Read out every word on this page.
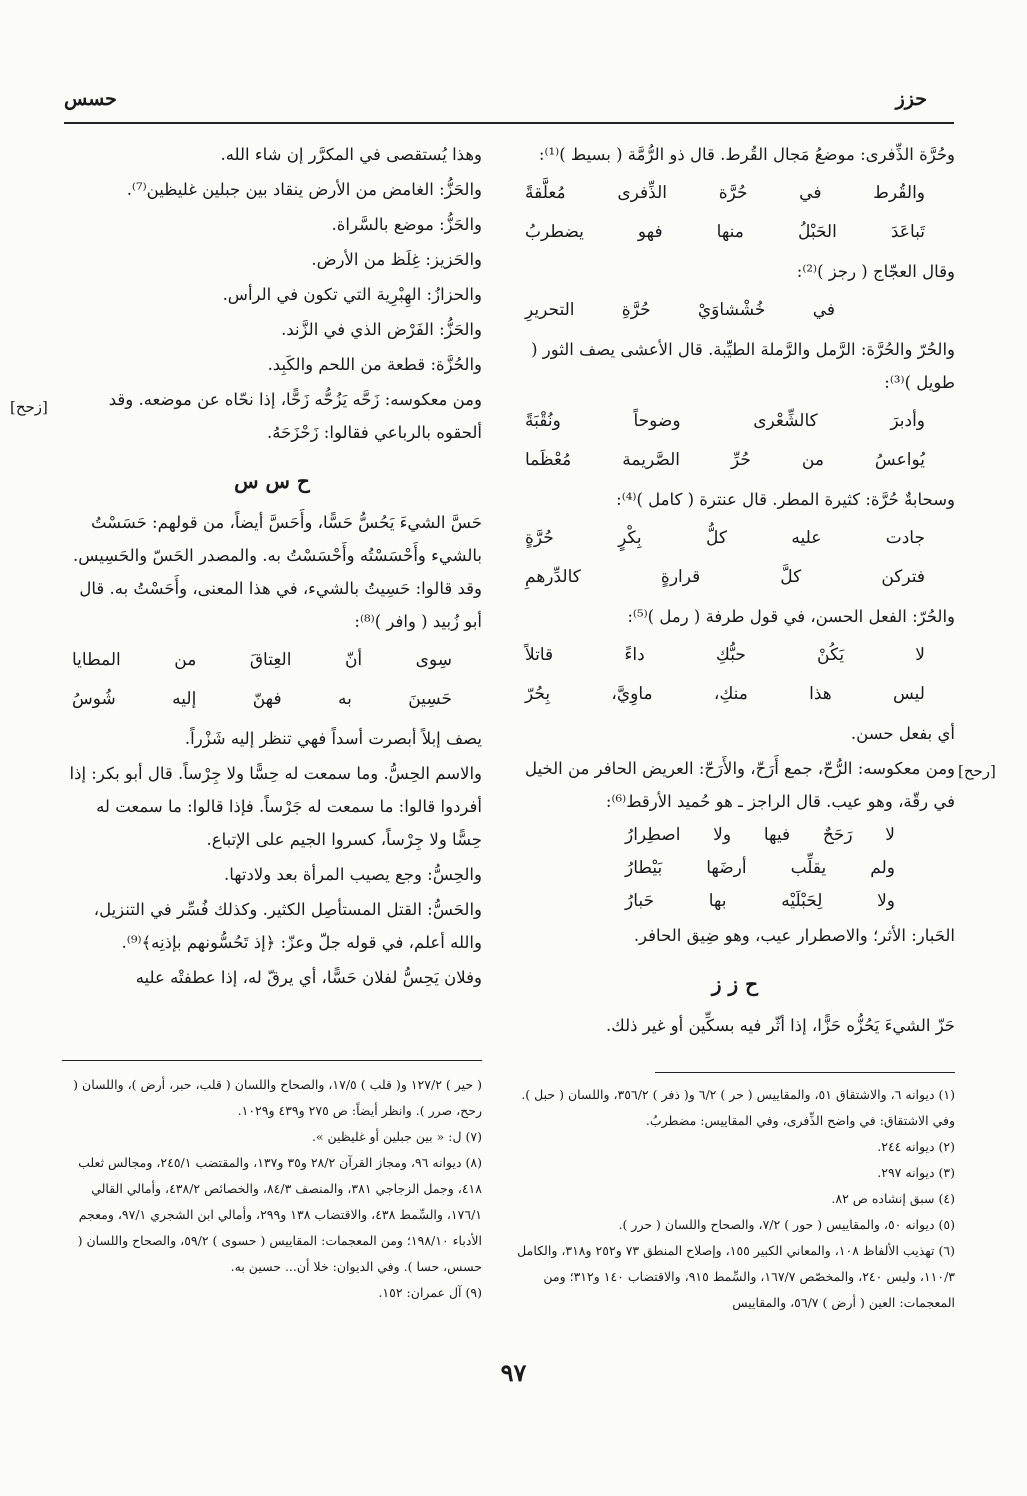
حزز
حسس

وحُرَّة الذِّفرى: موضعُ مَجال القُرط. قال ذو الرُّمَّة ( بسيط )⁽¹⁾:

والقُرط في حُرَّة الذِّفرى مُعلَّقةً
تَباعَدَ الحَبْلُ منها فهو يضطربُ

وقال العجّاج ( رجز )⁽²⁾:

في خُشْشاوَيْ حُرَّةِ التحريرِ

والحُرّ والحُرَّة: الرَّمل والرَّملة الطيِّبة. قال الأعشى يصف الثور ( طويل )⁽³⁾:

وأدبرَ كالشِّعْرى وضوحاً ونُقْبَةً
يُواعسُ من حُرِّ الصَّريمة مُعْظَما

وسحابةٌ حُرَّة: كثيرة المطر. قال عنترة ( كامل )⁽⁴⁾:

جادت عليه كلُّ بِكْرٍ حُرَّةٍ
فتركن كلَّ قرارةٍ كالدِّرهمِ

والحُرّ: الفعل الحسن، في قول طرفة ( رمل )⁽⁵⁾:

لا يَكُنْ حبُّكِ داءً قاتلاً
ليس هذا منكِ، ماوِيَّ، بِحُرّ

أي بفعل حسن.

ومن معكوسه: الرُّحّ، جمع أَرَحّ، والأَرَحّ: العريض الحافر من الخيل في رقّة، وهو عيب. قال الراجز ـ هو حُميد الأرقط⁽⁶⁾:

لا رَحَحٌ فيها ولا اصطِرارُ
ولم يقلِّب أرضَها بَيْطارُ
ولا لِحَبْلَيْه بها حَبارُ

الحَبار: الأثر؛ والاصطرار عيب، وهو ضِيق الحافر.

ح ز ز

حَزّ الشيءَ يَحُزُّه حَزًّا، إذا أثّر فيه بسكِّين أو غير ذلك.

[رحح]

وهذا يُستقصى في المكرَّر إن شاء الله.

والحَزُّ: الغامض من الأرض ينقاد بين جبلين غليظين⁽⁷⁾.

والحَزُّ: موضع بالسَّراة.

والحَزيز: غِلَظ من الأرض.

والحزازُ: الهِبْرِية التي تكون في الرأس.

والحَزُّ: الفَرْض الذي في الزَّند.

والحُزَّة: قطعة من اللحم والكَبِد.

ومن معكوسه: زَحَّه يَزُحُّه زَحًّا، إذا نحّاه عن موضعه. وقد ألحقوه بالرباعي فقالوا: زَحْزَحَهُ.

ح س س

حَسَّ الشيءَ يَحُسُّ حَسًّا، وأَحَسَّ أيضاً، من قولهم: حَسَسْتُ بالشيء وأَحْسَسْتُه وأَحْسَسْتُ به. والمصدر الحَسّ والحَسِيس. وقد قالوا: حَسِيتُ بالشيء، في هذا المعنى، وأَحَسْتُ به. قال أبو زُبيد ( وافر )⁽⁸⁾:

سِوى أنّ العِتاقَ من المطايا
حَسِينَ به فهنّ إليه شُوسُ

يصف إبلاً أبصرت أسداً فهي تنظر إليه شَزْراً.

والاسم الحِسُّ. وما سمعت له حِسًّا ولا جِرْساً. قال أبو بكر: إذا أفردوا قالوا: ما سمعت له جَرْساً. فإذا قالوا: ما سمعت له حِسًّا ولا جِرْساً، كسروا الجيم على الإتباع.

والحِسُّ: وجع يصيب المرأة بعد ولادتها.

والحَسُّ: القتل المستأصِل الكثير. وكذلك فُسِّر في التنزيل، والله أعلم، في قوله جلّ وعزّ: ﴿إذ تَحُسُّونهم بإذنِه﴾⁽⁹⁾.

وفلان يَحِسُّ لفلان حَسًّا، أي يرقّ له، إذا عطفتْه عليه

[زحح]

(١) ديوانه ٦، والاشتقاق ٥١، والمقاييس ( حر ) ٦/٢ و( ذفر ) ٣٥٦/٢، واللسان ( حبل ). وفي الاشتقاق: في واضح الذِّفرى، وفي المقاييس: مضطربُ.

(٢) ديوانه ٢٤٤.

(٣) ديوانه ٢٩٧.

(٤) سبق إنشاده ص ٨٢.

(٥) ديوانه ٥٠، والمقاييس ( حور ) ٧/٢، والصحاح واللسان ( حرر ).

(٦) تهذيب الألفاظ ١٠٨، والمعاني الكبير ١٥٥، وإصلاح المنطق ٧٣ و٢٥٢ و٣١٨، والكامل ١١٠/٣، وليس ٢٤٠، والمخصّص ١٦٧/٧، والسِّمط ٩١٥، والاقتضاب ١٤٠ و٣١٢؛ ومن المعجمات: العين ( أرض ) ٥٦/٧، والمقاييس

( حير ) ١٢٧/٢ و( قلب ) ١٧/٥، والصحاح واللسان ( قلب، حبر، أرض )، واللسان ( رحح، صرر ). وانظر أيضاً: ص ٢٧٥ و٤٣٩ و١٠٢٩.

(٧) ل: « بين جبلين أو غليظين ».

(٨) ديوانه ٩٦، ومجاز القرآن ٢٨/٢ و٣٥ و١٣٧، والمقتضب ٢٤٥/١، ومجالس ثعلب ٤١٨، وجمل الزجاجي ٣٨١، والمنصف ٨٤/٣، والخصائص ٤٣٨/٢، وأمالي القالي ١٧٦/١، والسِّمط ٤٣٨، والاقتضاب ١٣٨ و٢٩٩، وأمالي ابن الشجري ٩٧/١، ومعجم الأدباء ١٩٨/١٠؛ ومن المعجمات: المقاييس ( حسوى ) ٥٩/٢، والصحاح واللسان ( حسس، حسا ). وفي الديوان: خلا أن... حسين به.

(٩) آل عمران: ١٥٢.

٩٧
